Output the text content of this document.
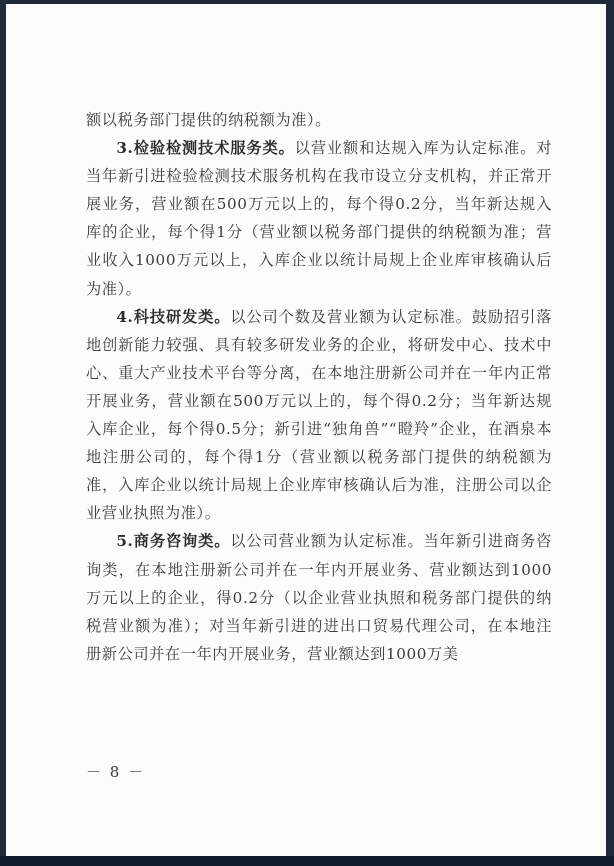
额以税务部门提供的纳税额为准）。

3.检验检测技术服务类。以营业额和达规入库为认定标准。对当年新引进检验检测技术服务机构在我市设立分支机构，并正常开展业务，营业额在500万元以上的，每个得0.2分，当年新达规入库的企业，每个得1分（营业额以税务部门提供的纳税额为准；营业收入1000万元以上，入库企业以统计局规上企业库审核确认后为准）。

4.科技研发类。以公司个数及营业额为认定标准。鼓励招引落地创新能力较强、具有较多研发业务的企业，将研发中心、技术中心、重大产业技术平台等分离，在本地注册新公司并在一年内正常开展业务，营业额在500万元以上的，每个得0.2分；当年新达规入库企业，每个得0.5分；新引进“独角兽”“瞪羚”企业，在酒泉本地注册公司的，每个得1分（营业额以税务部门提供的纳税额为准，入库企业以统计局规上企业库审核确认后为准，注册公司以企业营业执照为准）。

5.商务咨询类。以公司营业额为认定标准。当年新引进商务咨询类，在本地注册新公司并在一年内开展业务、营业额达到1000万元以上的企业，得0.2分（以企业营业执照和税务部门提供的纳税营业额为准）；对当年新引进的进出口贸易代理公司，在本地注册新公司并在一年内开展业务，营业额达到1000万美

－ 8 －
